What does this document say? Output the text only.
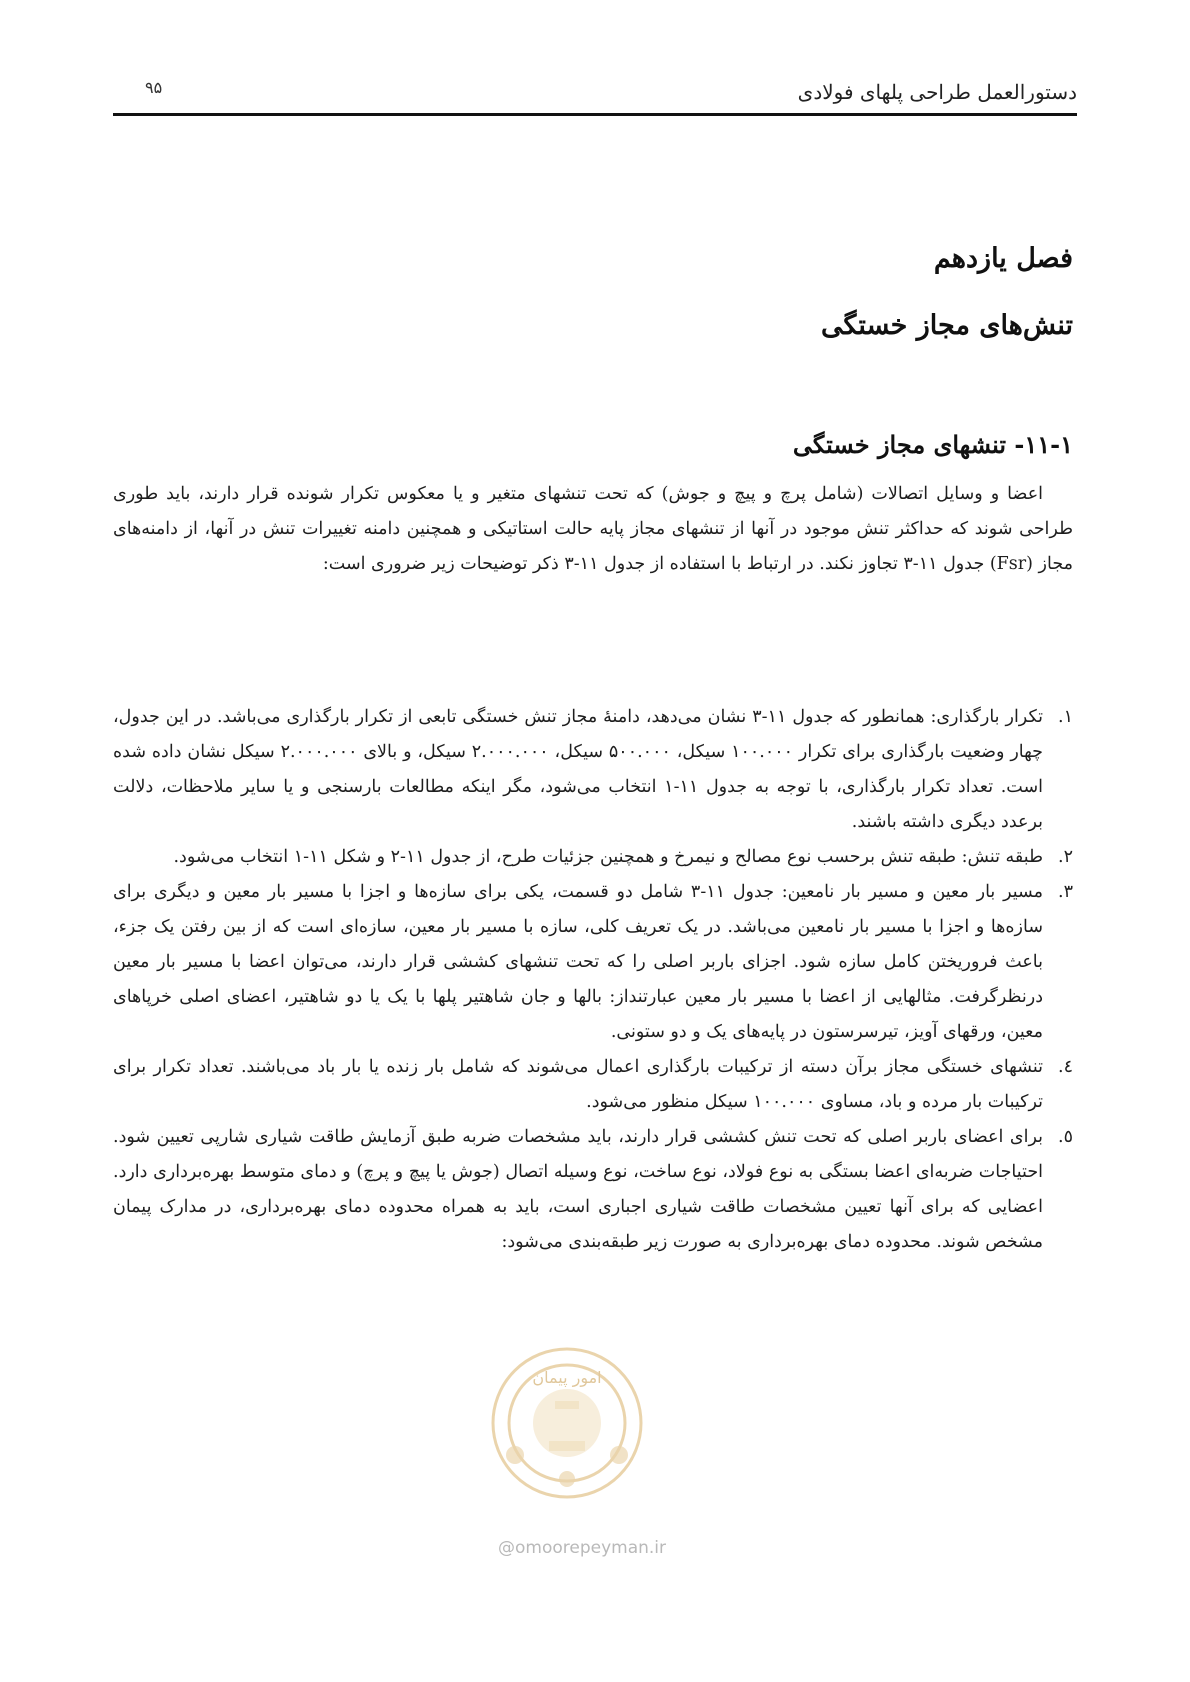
دستورالعمل طراحی پلهای فولادی
۹۵
فصل یازدهم
تنش‌های مجاز خستگی
۱۱-۱- تنشهای مجاز خستگی

اعضا و وسایل اتصالات (شامل پرچ و پیچ و جوش) که تحت تنشهای متغیر و یا معکوس تکرار شونده قرار دارند، باید طوری طراحی شوند که حداکثر تنش موجود در آنها از تنشهای مجاز پایه حالت استاتیکی و همچنین دامنه تغییرات تنش در آنها، از دامنه‌های مجاز (Fsr) جدول ۱۱-۳ تجاوز نکند. در ارتباط با استفاده از جدول ۱۱-۳ ذکر توضیحات زیر ضروری است:

۱.
تکرار بارگذاری: همانطور که جدول ۱۱-۳ نشان می‌دهد، دامنهٔ مجاز تنش خستگی تابعی از تکرار بارگذاری می‌باشد. در این جدول، چهار وضعیت بارگذاری برای تکرار ۱۰۰.۰۰۰ سیکل، ۵۰۰.۰۰۰ سیکل، ۲.۰۰۰.۰۰۰ سیکل، و بالای ۲.۰۰۰.۰۰۰ سیکل نشان داده شده است. تعداد تکرار بارگذاری، با توجه به جدول ۱۱-۱ انتخاب می‌شود، مگر اینکه مطالعات بارسنجی و یا سایر ملاحظات، دلالت برعدد دیگری داشته باشند.
۲.
طبقه تنش: طبقه تنش برحسب نوع مصالح و نیمرخ و همچنین جزئیات طرح، از جدول ۱۱-۲ و شکل ۱۱-۱ انتخاب می‌شود.
۳.
مسیر بار معین و مسیر بار نامعین: جدول ۱۱-۳ شامل دو قسمت، یکی برای سازه‌ها و اجزا با مسیر بار معین و دیگری برای سازه‌ها و اجزا با مسیر بار نامعین می‌باشد. در یک تعریف کلی، سازه با مسیر بار معین، سازه‌ای است که از بین رفتن یک جزء، باعث فروریختن کامل سازه شود. اجزای باربر اصلی را که تحت تنشهای کششی قرار دارند، می‌توان اعضا با مسیر بار معین درنظرگرفت. مثالهایی از اعضا با مسیر بار معین عبارتنداز: بالها و جان شاهتیر پلها با یک یا دو شاهتیر، اعضای اصلی خرپاهای معین، ورقهای آویز، تیرسرستون در پایه‌های یک و دو ستونی.
٤.
تنشهای خستگی مجاز برآن دسته از ترکیبات بارگذاری اعمال می‌شوند که شامل بار زنده یا بار باد می‌باشند. تعداد تکرار برای ترکیبات بار مرده و باد، مساوی ۱۰۰.۰۰۰ سیکل منظور می‌شود.
٥.
برای اعضای باربر اصلی که تحت تنش کششی قرار دارند، باید مشخصات ضربه طبق آزمایش طاقت شیاری شارپی تعیین شود. احتیاجات ضربه‌ای اعضا بستگی به نوع فولاد، نوع ساخت، نوع وسیله اتصال (جوش یا پیچ و پرچ) و دمای متوسط بهره‌برداری دارد. اعضایی که برای آنها تعیین مشخصات طاقت شیاری اجباری است، باید به همراه محدوده دمای بهره‌برداری، در مدارک پیمان مشخص شوند. محدوده دمای بهره‌برداری به صورت زیر طبقه‌بندی می‌شود:
امور پیمان
@omoorepeyman.ir
